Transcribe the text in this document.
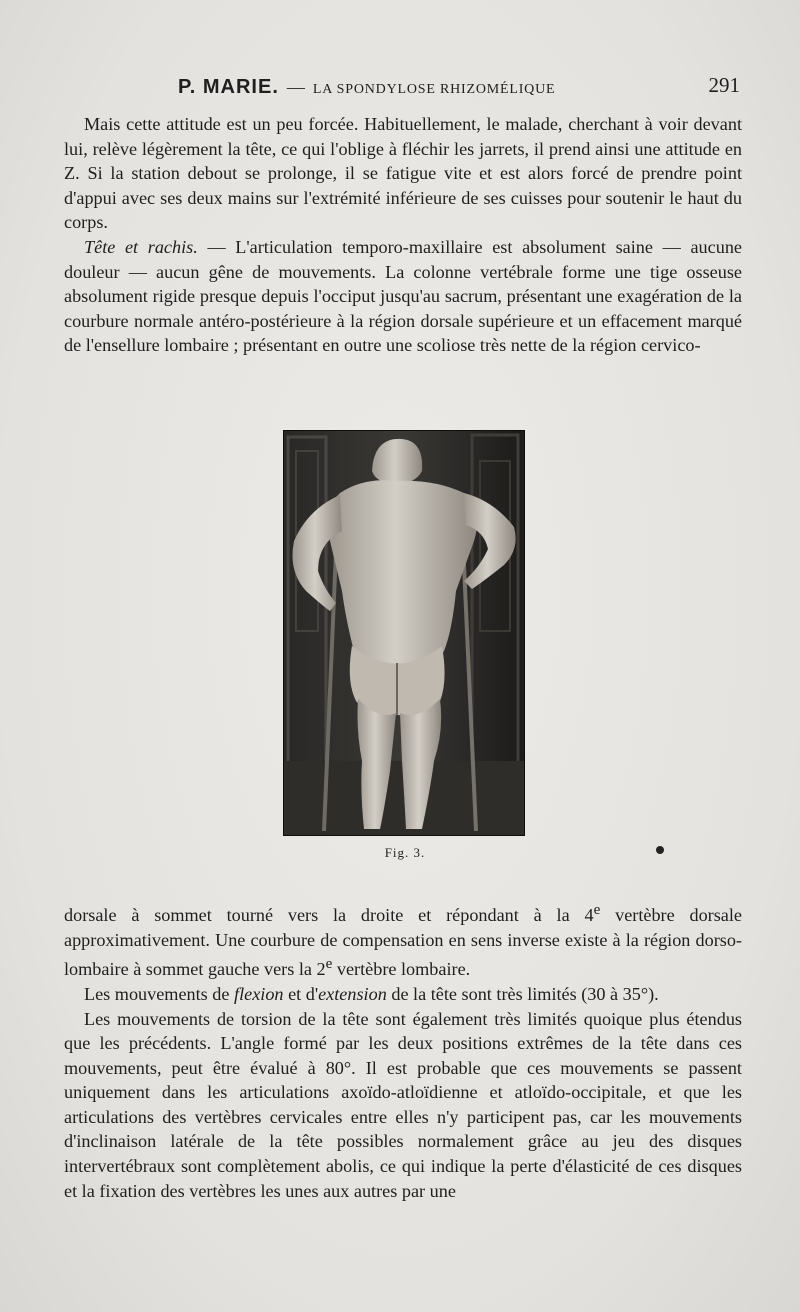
P. MARIE. — LA SPONDYLOSE RHIZOMÉLIQUE	291

Mais cette attitude est un peu forcée. Habituellement, le malade, cherchant à voir devant lui, relève légèrement la tête, ce qui l'oblige à fléchir les jarrets, il prend ainsi une attitude en Z. Si la station debout se prolonge, il se fatigue vite et est alors forcé de prendre point d'appui avec ses deux mains sur l'extrémité inférieure de ses cuisses pour soutenir le haut du corps.

Tête et rachis. — L'articulation temporo-maxillaire est absolument saine — aucune douleur — aucun gêne de mouvements. La colonne vertébrale forme une tige osseuse absolument rigide presque depuis l'occiput jusqu'au sacrum, présentant une exagération de la courbure normale antéro-postérieure à la région dorsale supérieure et un effacement marqué de l'ensellure lombaire ; présentant en outre une scoliose très nette de la région cervico-

Fig. 3.

dorsale à sommet tourné vers la droite et répondant à la 4e vertèbre dorsale approximativement. Une courbure de compensation en sens inverse existe à la région dorso-lombaire à sommet gauche vers la 2e vertèbre lombaire.

Les mouvements de flexion et d'extension de la tête sont très limités (30 à 35°).

Les mouvements de torsion de la tête sont également très limités quoique plus étendus que les précédents. L'angle formé par les deux positions extrêmes de la tête dans ces mouvements, peut être évalué à 80°. Il est probable que ces mouvements se passent uniquement dans les articulations axoïdo-atloïdienne et atloïdo-occipitale, et que les articulations des vertèbres cervicales entre elles n'y participent pas, car les mouvements d'inclinaison latérale de la tête possibles normalement grâce au jeu des disques intervertébraux sont complètement abolis, ce qui indique la perte d'élasticité de ces disques et la fixation des vertèbres les unes aux autres par une
